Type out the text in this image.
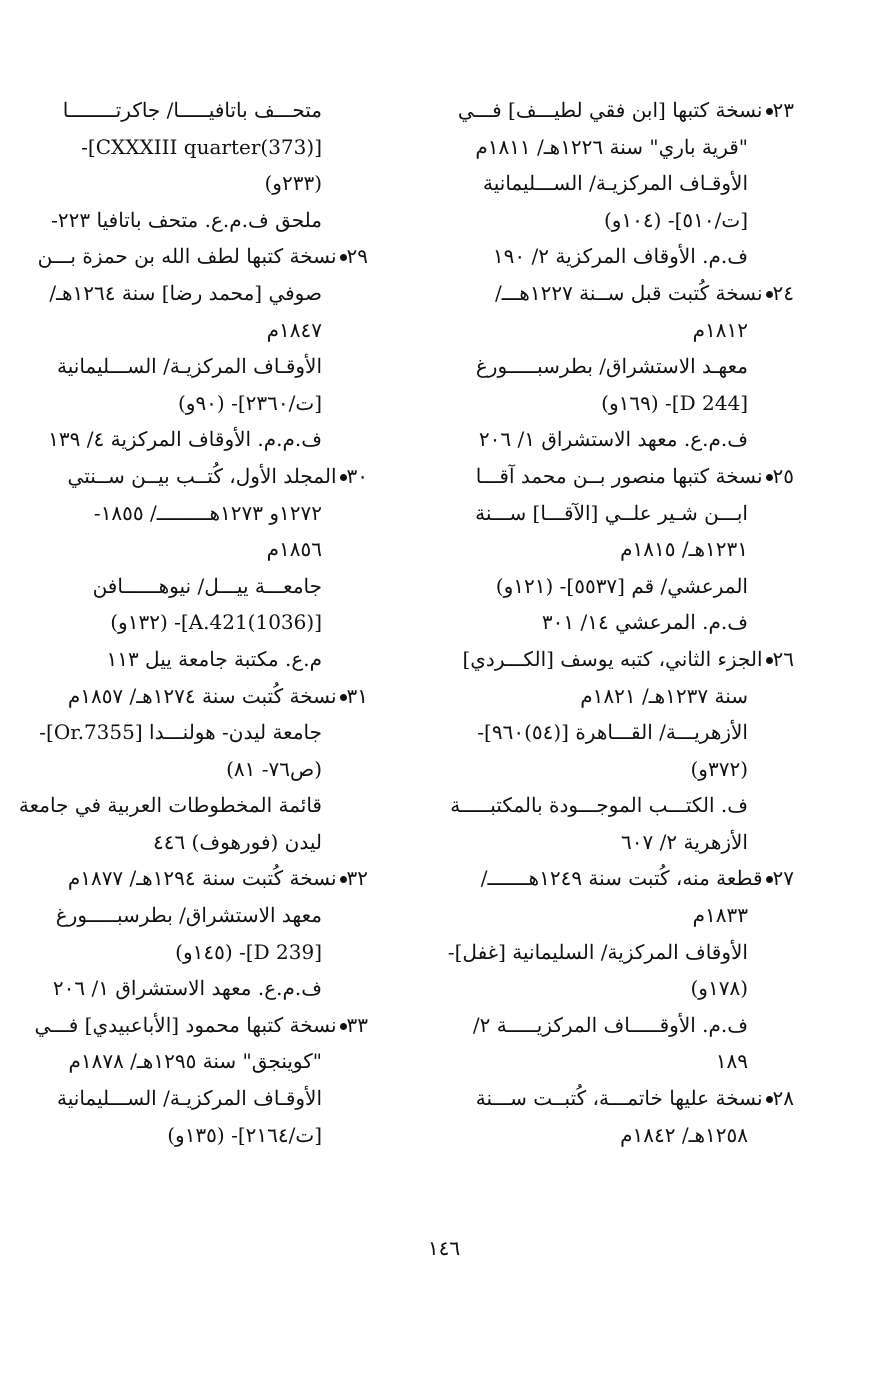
٢٣نسخة كتبها [ابن فقي لطيـــف] فـــي
"قرية باري" سنة ١٢٢٦هـ/ ١٨١١م
الأوقـاف المركزيـة/ الســـليمانية
[ت/٥١٠]- (١٠٤و)
ف.م. الأوقاف المركزية ٢/ ١٩٠
٢٤نسخة كُتبت قبل ســنة ١٢٢٧هـــ/
١٨١٢م
معهـد الاستشراق/ بطرسبـــــورغ
[D 244]- (١٦٩و)
ف.م.ع. معهد الاستشراق ١/ ٢٠٦
٢٥نسخة كتبها منصور بــن محمد آقـــا
ابـــن شـير علــي [الآقـــا] ســـنة
١٢٣١هـ/ ١٨١٥م
المرعشي/ قم [٥٥٣٧]- (١٢١و)
ف.م. المرعشي ١٤/ ٣٠١
٢٦الجزء الثاني، كتبه يوسف [الكـــردي]
سنة ١٢٣٧هـ/ ١٨٢١م
الأزهريـــة/ القـــاهرة [(٥٤)٩٦٠]-
(٣٧٢و)
ف. الكتـــب الموجـــودة بالمكتبـــــة
الأزهرية ٢/ ٦٠٧
٢٧قطعة منه، كُتبت سنة ١٢٤٩هـــــــ/
١٨٣٣م
الأوقاف المركزية/ السليمانية [غفل]-
(١٧٨و)
ف.م. الأوقـــــاف المركزيـــــة ٢/
١٨٩
٢٨نسخة عليها خاتمـــة، كُتبــت ســـنة
١٢٥٨هـ/ ١٨٤٢م
متحـــف باتافيـــــا/ جاكرتــــــــا
[(373)CXXXIII quarter]-
(٢٣٣و)
ملحق ف.م.ع. متحف باتافيا ٢٢٣-
٢٩نسخة كتبها لطف الله بن حمزة بـــن
صوفي [محمد رضا] سنة ١٢٦٤هـ/
١٨٤٧م
الأوقـاف المركزيـة/ الســـليمانية
[ت/٢٣٦٠]- (٩٠و)
ف.م.م. الأوقاف المركزية ٤/ ١٣٩
٣٠المجلد الأول، كُتــب بيــن ســنتي
١٢٧٢و ١٢٧٣هـــــــــ/ ١٨٥٥-
١٨٥٦م
جامعـــة ييـــل/ نيوهــــــافن
[(1036)A.421]- (١٣٢و)
م.ع. مكتبة جامعة ييل ١١٣
٣١نسخة كُتبت سنة ١٢٧٤هـ/ ١٨٥٧م
جامعة ليدن- هولنـــدا [Or.7355]-
(ص٧٦- ٨١)
قائمة المخطوطات العربية في جامعة
ليدن (فورهوف) ٤٤٦
٣٢نسخة كُتبت سنة ١٢٩٤هـ/ ١٨٧٧م
معهد الاستشراق/ بطرسبـــــورغ
[D 239]- (١٤٥و)
ف.م.ع. معهد الاستشراق ١/ ٢٠٦
٣٣نسخة كتبها محمود [الأباعبيدي] فـــي
"كوينجق" سنة ١٢٩٥هـ/ ١٨٧٨م
الأوقـاف المركزيـة/ الســـليمانية
[ت/٢١٦٤]- (١٣٥و)
١٤٦
